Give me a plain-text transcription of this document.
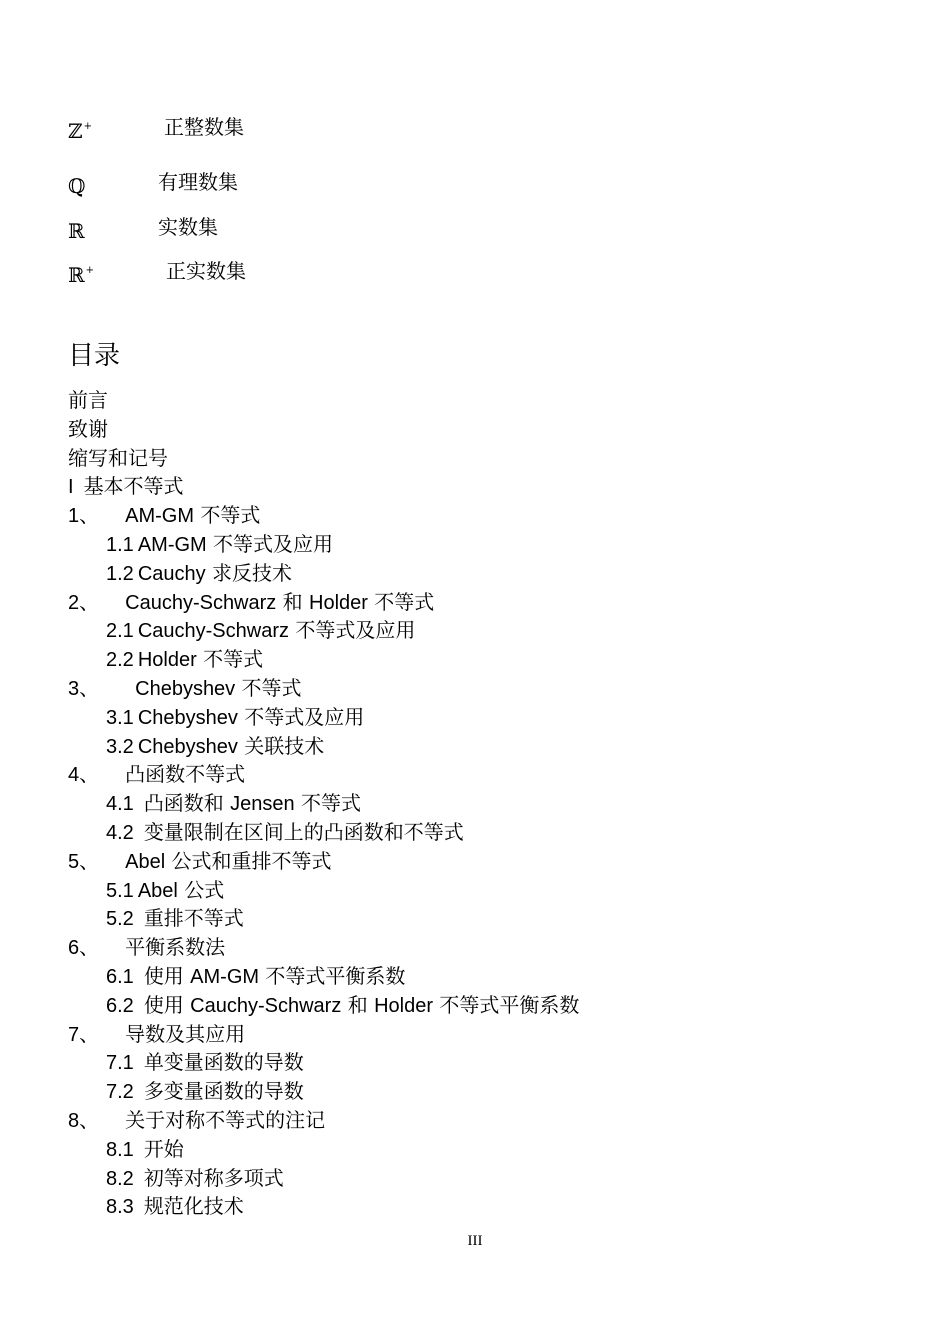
ℤ+	正整数集
ℚ	有理数集
ℝ	实数集
ℝ+	正实数集
目录
前言
致谢
缩写和记号
I 基本不等式
1、 AM-GM 不等式
1.1 AM-GM 不等式及应用
1.2 Cauchy 求反技术
2、 Cauchy-Schwarz 和 Holder 不等式
2.1 Cauchy-Schwarz 不等式及应用
2.2 Holder 不等式
3、 Chebyshev 不等式
3.1 Chebyshev 不等式及应用
3.2 Chebyshev 关联技术
4、 凸函数不等式
4.1 凸函数和 Jensen 不等式
4.2 变量限制在区间上的凸函数和不等式
5、 Abel 公式和重排不等式
5.1 Abel 公式
5.2 重排不等式
6、 平衡系数法
6.1 使用 AM-GM 不等式平衡系数
6.2 使用 Cauchy-Schwarz 和 Holder 不等式平衡系数
7、 导数及其应用
7.1 单变量函数的导数
7.2 多变量函数的导数
8、 关于对称不等式的注记
8.1 开始
8.2 初等对称多项式
8.3 规范化技术
III
